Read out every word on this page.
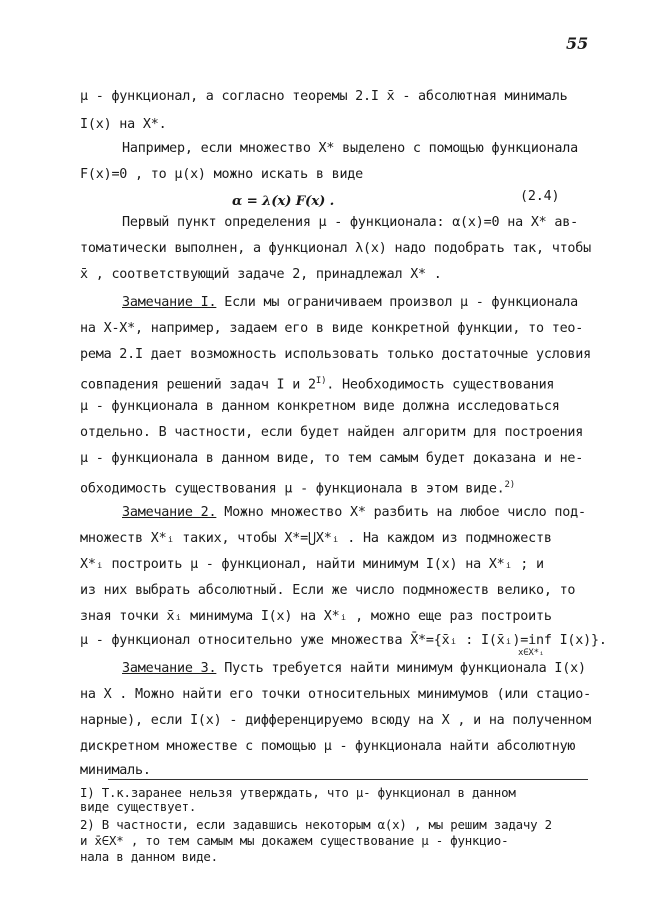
55
μ - функционал, а согласно теоремы 2.I x̄ - абсолютная минималь
I(x) на X*.
Например, если множество X* выделено с помощью функционала
F(x)=0 , то μ(x) можно искать в виде
α = λ(x) F(x) .	(2.4)
Первый пункт определения μ - функционала: α(x)=0 на X* ав-
томатически выполнен, а функционал λ(x) надо подобрать так, чтобы
x̄ , соответствующий задаче 2, принадлежал X* .
Замечание I. Если мы ограничиваем произвол μ - функционала
на X-X*, например, задаем его в виде конкретной функции, то тео-
рема 2.I дает возможность использовать только достаточные условия
совпадения решений задач I и $2^{I)}$. Необходимость существования
μ - функционала в данном конкретном виде должна исследоваться
отдельно. В частности, если будет найден алгоритм для построения
μ - функционала в данном виде, то тем самым будет доказана и не-
обходимость существования μ - функционала в этом виде.$^{2)}$
Замечание 2. Можно множество X* разбить на любое число под-
множеств X*ᵢ таких, чтобы X*=⋃X*ᵢ . На каждом из подмножеств
X*ᵢ построить μ - функционал, найти минимум I(x) на X*ᵢ ; и
из них выбрать абсолютный. Если же число подмножеств велико, то
зная точки x̄ᵢ минимума I(x) на X*ᵢ , можно еще раз построить
μ - функционал относительно уже множества X̄*={x̄ᵢ : I(x̄ᵢ)=inf I(x)}.
x∈X*ᵢ
Замечание 3. Пусть требуется найти минимум функционала I(x)
на X . Можно найти его точки относительных минимумов (или стацио-
нарные), если I(x) - дифференцируемо всюду на X , и на полученном
дискретном множестве с помощью μ - функционала найти абсолютную
минималь.
I) Т.к.заранее нельзя утверждать, что μ- функционал в данном
виде существует.
2) В частности, если задавшись некоторым α(x) , мы решим задачу 2
и x̄∈X* , то тем самым мы докажем существование μ - функцио-
нала в данном виде.
